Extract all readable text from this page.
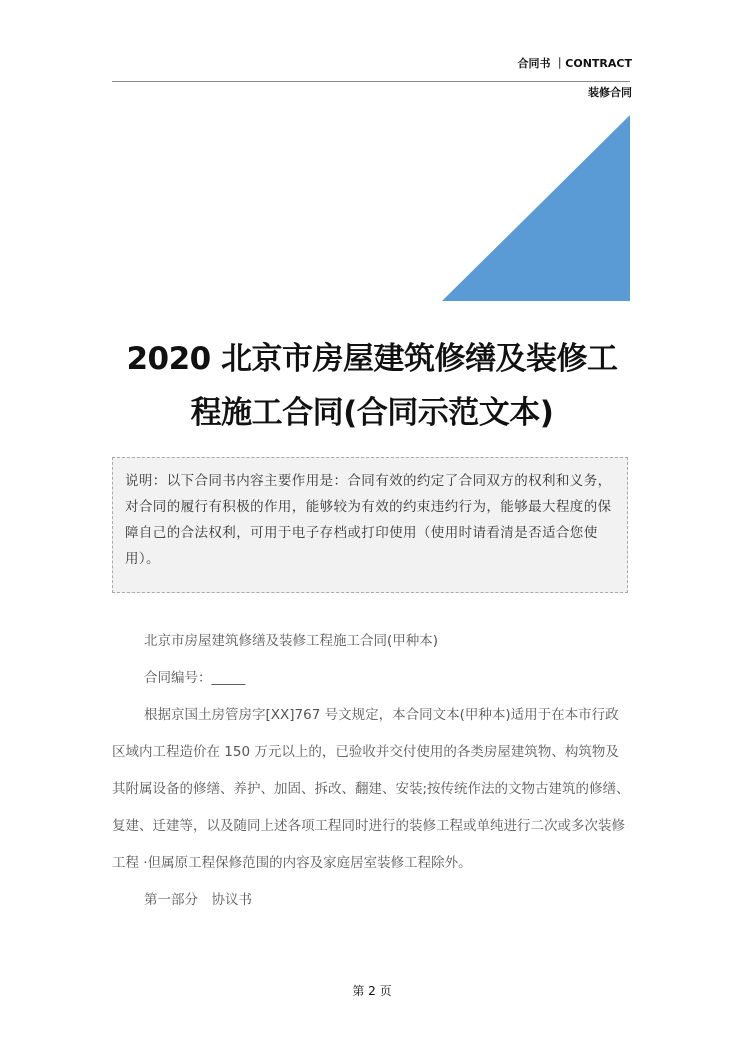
合同书 ｜CONTRACT
装修合同
2020 北京市房屋建筑修缮及装修工
程施工合同(合同示范文本)
说明：以下合同书内容主要作用是：合同有效的约定了合同双方的权利和义务，对合同的履行有积极的作用，能够较为有效的约束违约行为，能够最大程度的保障自己的合法权利，可用于电子存档或打印使用（使用时请看清是否适合您使用）。

北京市房屋建筑修缮及装修工程施工合同(甲种本)

合同编号：_____

根据京国土房管房字[XX]767 号文规定，本合同文本(甲种本)适用于在本市行政区域内工程造价在 150 万元以上的，已验收并交付使用的各类房屋建筑物、构筑物及其附属设备的修缮、养护、加固、拆改、翻建、安装;按传统作法的文物古建筑的修缮、复建、迁建等，以及随同上述各项工程同时进行的装修工程或单纯进行二次或多次装修工程 ·但属原工程保修范围的内容及家庭居室装修工程除外。

第一部分　协议书

第 2 页
